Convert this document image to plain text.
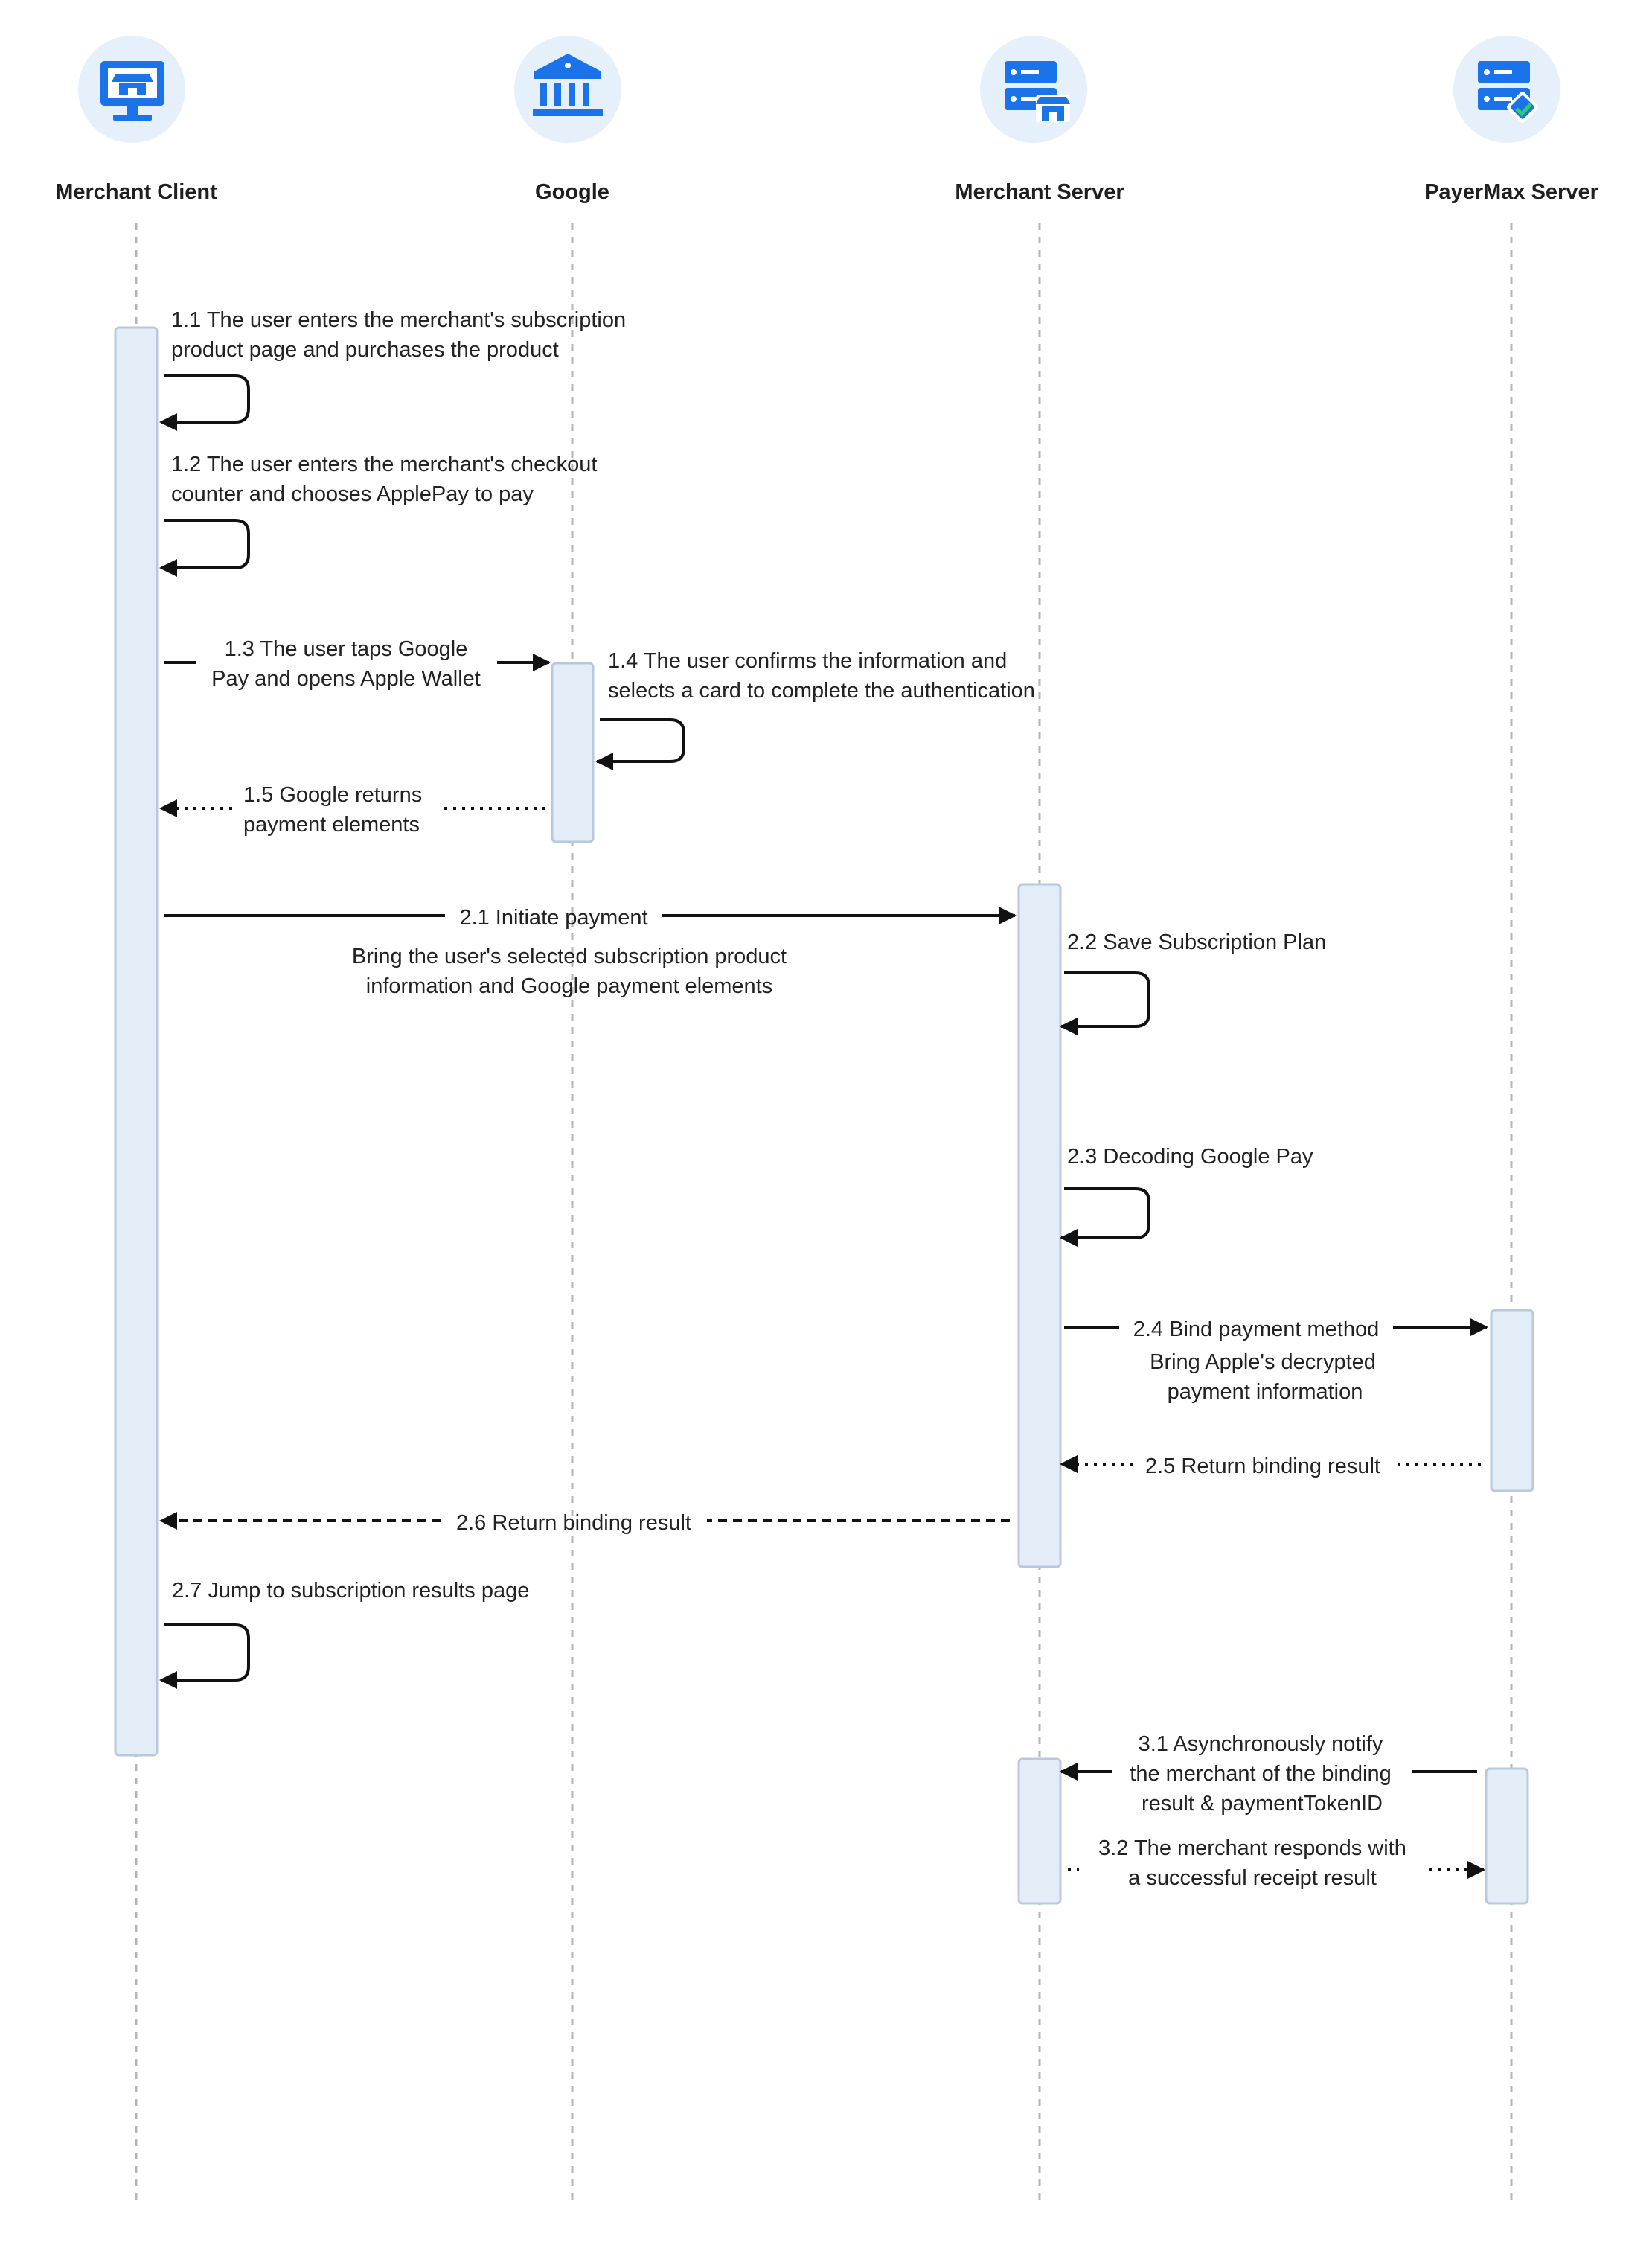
Merchant Client	Google	Merchant Server	PayerMax Server
1.1 The user enters the merchant's subscription
product page and purchases the product
1.2 The user enters the merchant's checkout
counter and chooses ApplePay to pay
1.3 The user taps Google
Pay and opens Apple Wallet
1.4 The user confirms the information and
selects a card to complete the authentication
1.5 Google returns
payment elements
2.1 Initiate payment
Bring the user's selected subscription product
information and Google payment elements
2.2 Save Subscription Plan
2.3 Decoding Google Pay
2.4 Bind payment method
Bring Apple's decrypted
payment information
2.5 Return binding result
2.6 Return binding result
2.7 Jump to subscription results page
3.1 Asynchronously notify
the merchant of the binding
result & paymentTokenID
3.2 The merchant responds with
a successful receipt result
